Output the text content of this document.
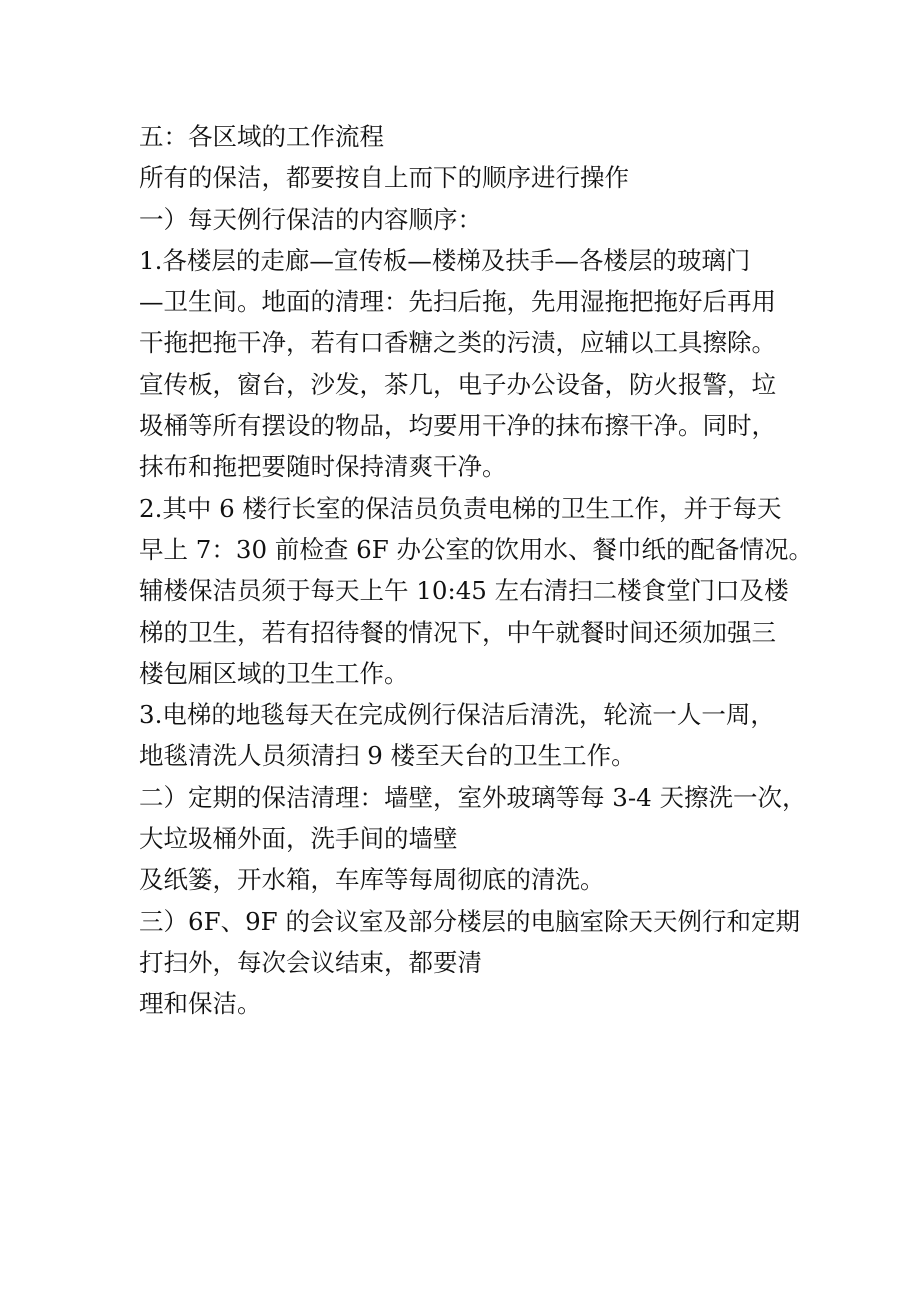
五：各区域的工作流程
所有的保洁，都要按自上而下的顺序进行操作
一）每天例行保洁的内容顺序：
1.各楼层的走廊—宣传板—楼梯及扶手—各楼层的玻璃门
—卫生间。地面的清理：先扫后拖，先用湿拖把拖好后再用
干拖把拖干净，若有口香糖之类的污渍，应辅以工具擦除。
宣传板，窗台，沙发，茶几，电子办公设备，防火报警，垃
圾桶等所有摆设的物品，均要用干净的抹布擦干净。同时，
抹布和拖把要随时保持清爽干净。
2.其中 6 楼行长室的保洁员负责电梯的卫生工作，并于每天
早上 7：30 前检查 6F 办公室的饮用水、餐巾纸的配备情况。
辅楼保洁员须于每天上午 10:45 左右清扫二楼食堂门口及楼
梯的卫生，若有招待餐的情况下，中午就餐时间还须加强三
楼包厢区域的卫生工作。
3.电梯的地毯每天在完成例行保洁后清洗，轮流一人一周，
地毯清洗人员须清扫 9 楼至天台的卫生工作。
二）定期的保洁清理：墙壁，室外玻璃等每 3-4 天擦洗一次，
大垃圾桶外面，洗手间的墙壁
及纸篓，开水箱，车库等每周彻底的清洗。
三）6F、9F 的会议室及部分楼层的电脑室除天天例行和定期
打扫外，每次会议结束，都要清
理和保洁。
